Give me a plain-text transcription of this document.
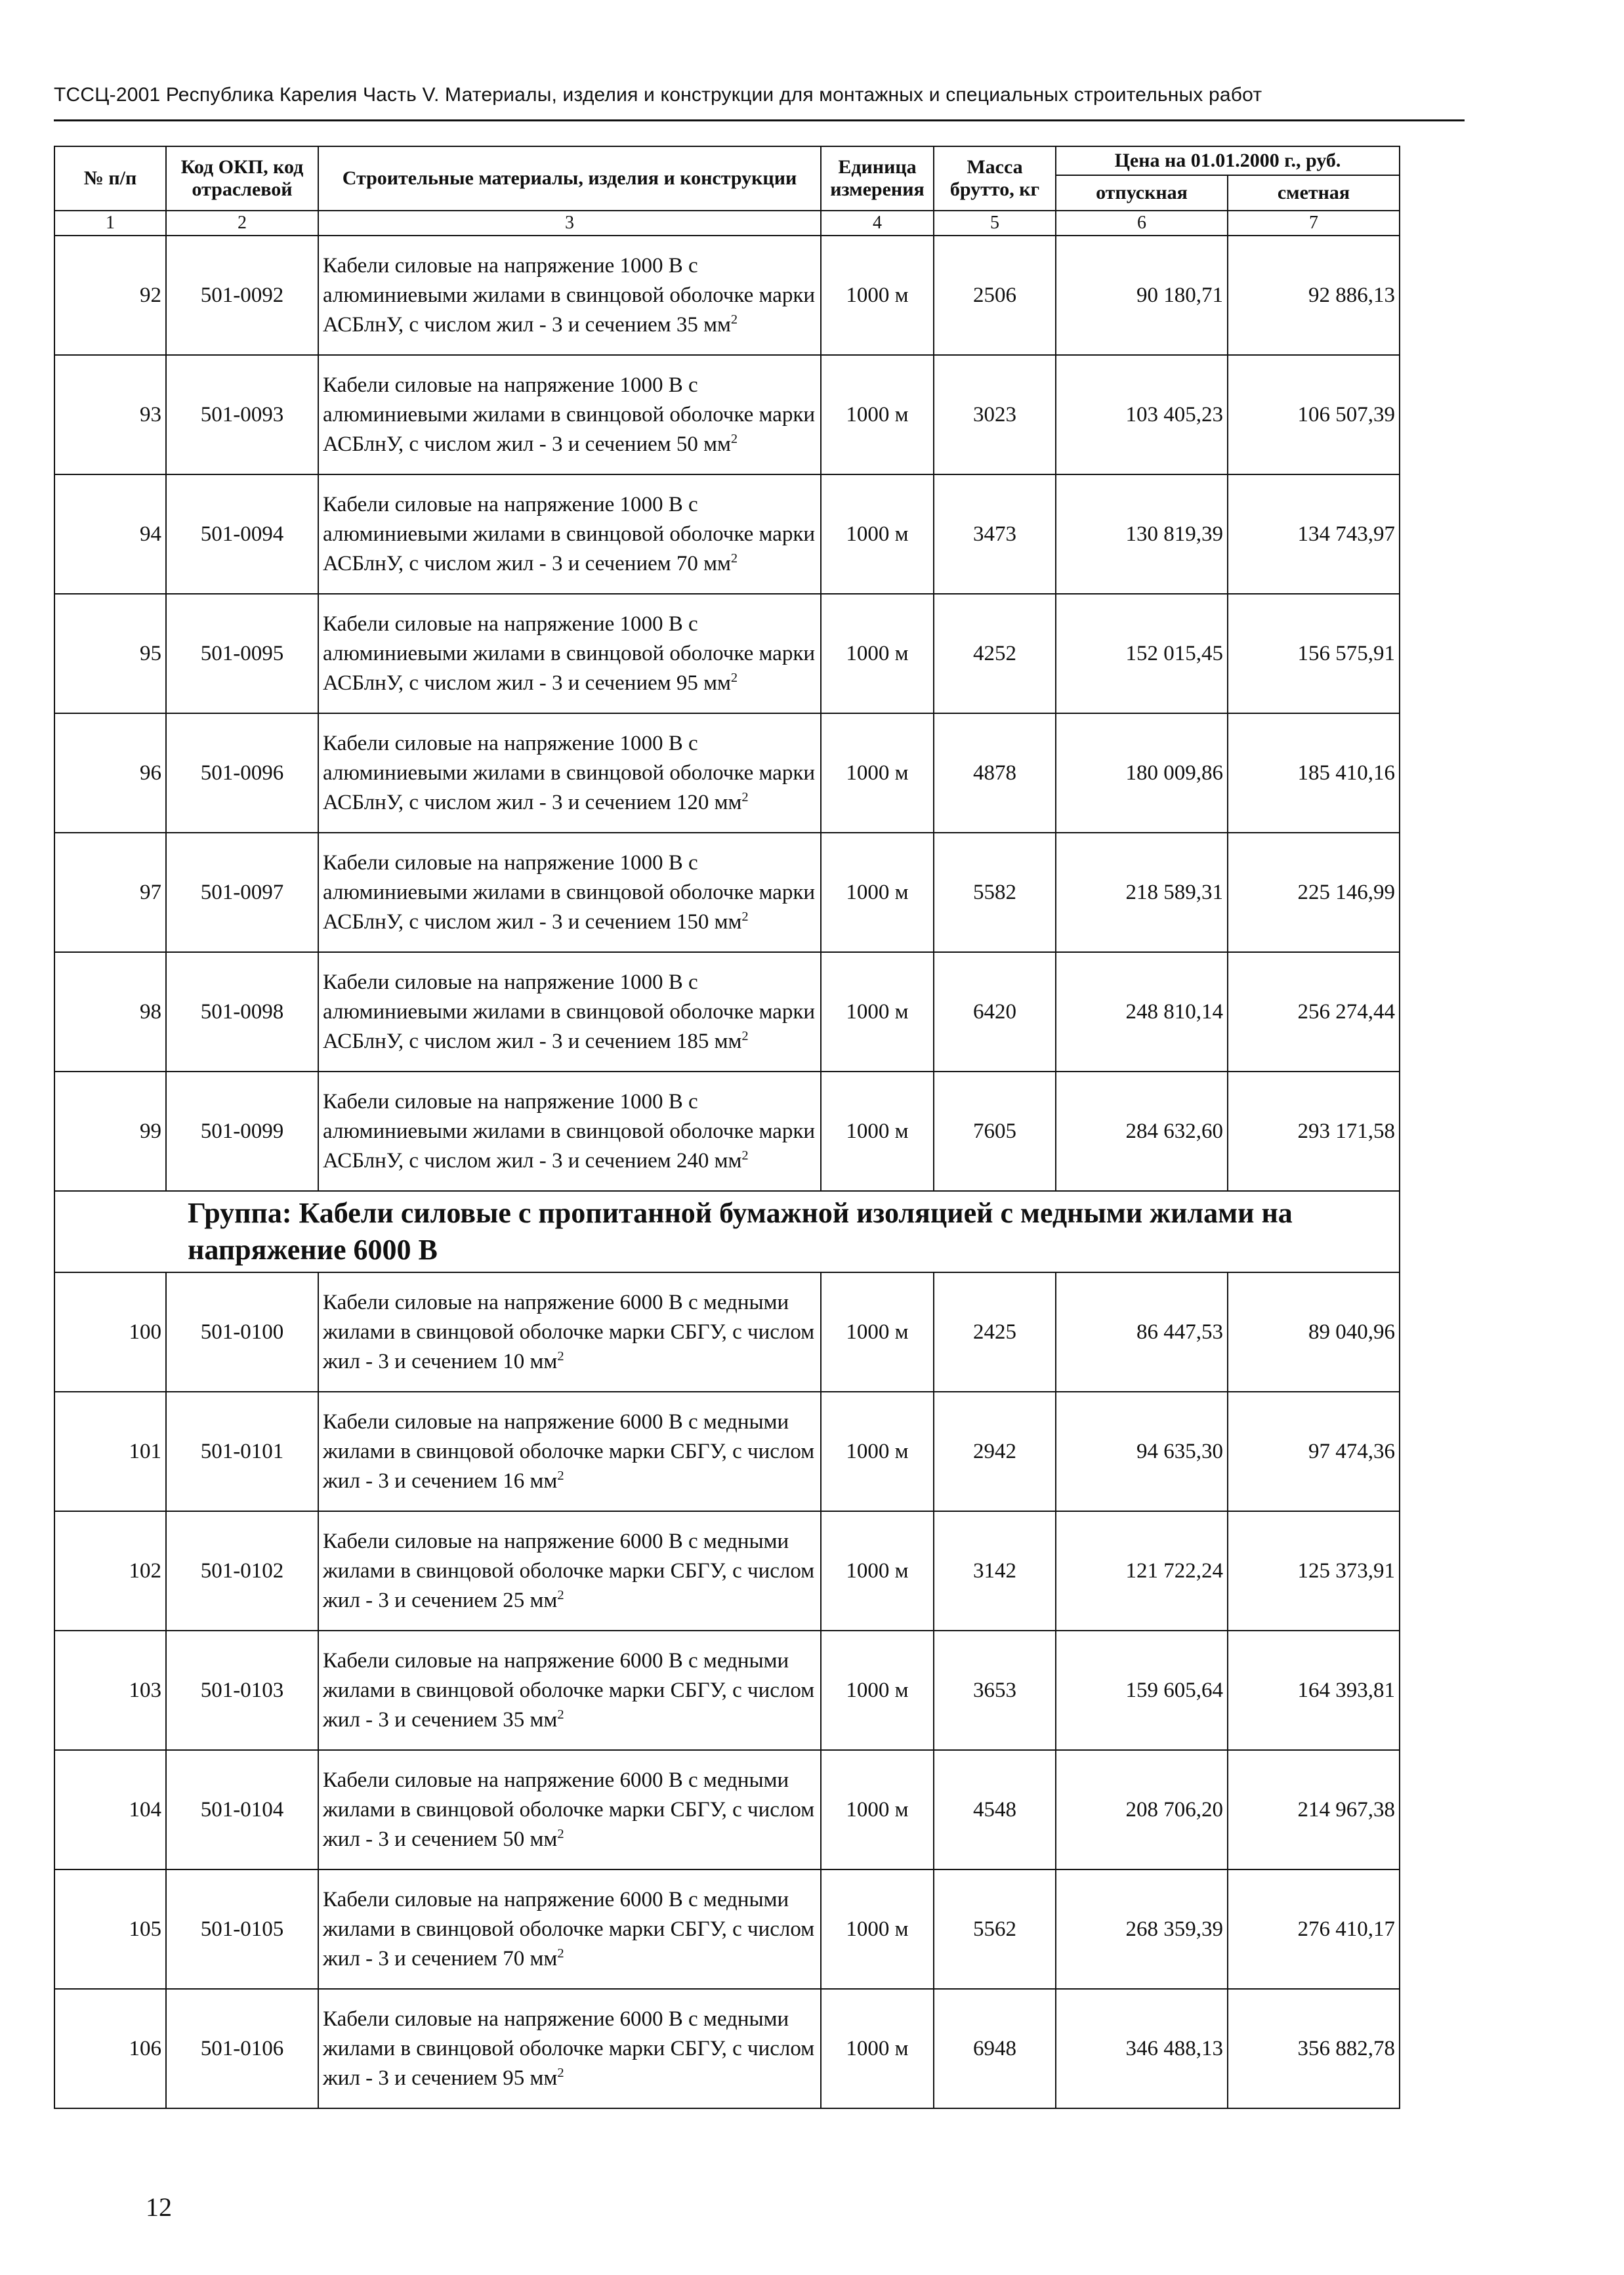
ТССЦ-2001 Республика Карелия Часть V. Материалы, изделия и конструкции для монтажных и специальных строительных работ
№ п/п	Код ОКП, код отраслевой	Строительные материалы, изделия и конструкции	Единица измерения	Масса брутто, кг	Цена на 01.01.2000 г., руб.	
					отпускная	сметная
1	2	3	4	5	6	7
92	501-0092	Кабели силовые на напряжение 1000 В с алюминиевыми жилами в свинцовой оболочке марки АСБлнУ, с числом жил - 3 и сечением 35 $мм^2$	1000 м	2506	90 180,71	92 886,13
93	501-0093	Кабели силовые на напряжение 1000 В с алюминиевыми жилами в свинцовой оболочке марки АСБлнУ, с числом жил - 3 и сечением 50 $мм^2$	1000 м	3023	103 405,23	106 507,39
94	501-0094	Кабели силовые на напряжение 1000 В с алюминиевыми жилами в свинцовой оболочке марки АСБлнУ, с числом жил - 3 и сечением 70 $мм^2$	1000 м	3473	130 819,39	134 743,97
95	501-0095	Кабели силовые на напряжение 1000 В с алюминиевыми жилами в свинцовой оболочке марки АСБлнУ, с числом жил - 3 и сечением 95 $мм^2$	1000 м	4252	152 015,45	156 575,91
96	501-0096	Кабели силовые на напряжение 1000 В с алюминиевыми жилами в свинцовой оболочке марки АСБлнУ, с числом жил - 3 и сечением 120 $мм^2$	1000 м	4878	180 009,86	185 410,16
97	501-0097	Кабели силовые на напряжение 1000 В с алюминиевыми жилами в свинцовой оболочке марки АСБлнУ, с числом жил - 3 и сечением 150 $мм^2$	1000 м	5582	218 589,31	225 146,99
98	501-0098	Кабели силовые на напряжение 1000 В с алюминиевыми жилами в свинцовой оболочке марки АСБлнУ, с числом жил - 3 и сечением 185 $мм^2$	1000 м	6420	248 810,14	256 274,44
99	501-0099	Кабели силовые на напряжение 1000 В с алюминиевыми жилами в свинцовой оболочке марки АСБлнУ, с числом жил - 3 и сечением 240 $мм^2$	1000 м	7605	284 632,60	293 171,58

Группа: Кабели силовые с пропитанной бумажной изоляцией с медными жилами на напряжение 6000 В						

100	501-0100	Кабели силовые на напряжение 6000 В с медными жилами в свинцовой оболочке марки СБГУ, с числом жил - 3 и сечением 10 $мм^2$	1000 м	2425	86 447,53	89 040,96
101	501-0101	Кабели силовые на напряжение 6000 В с медными жилами в свинцовой оболочке марки СБГУ, с числом жил - 3 и сечением 16 $мм^2$	1000 м	2942	94 635,30	97 474,36
102	501-0102	Кабели силовые на напряжение 6000 В с медными жилами в свинцовой оболочке марки СБГУ, с числом жил - 3 и сечением 25 $мм^2$	1000 м	3142	121 722,24	125 373,91
103	501-0103	Кабели силовые на напряжение 6000 В с медными жилами в свинцовой оболочке марки СБГУ, с числом жил - 3 и сечением 35 $мм^2$	1000 м	3653	159 605,64	164 393,81
104	501-0104	Кабели силовые на напряжение 6000 В с медными жилами в свинцовой оболочке марки СБГУ, с числом жил - 3 и сечением 50 $мм^2$	1000 м	4548	208 706,20	214 967,38
105	501-0105	Кабели силовые на напряжение 6000 В с медными жилами в свинцовой оболочке марки СБГУ, с числом жил - 3 и сечением 70 $мм^2$	1000 м	5562	268 359,39	276 410,17
106	501-0106	Кабели силовые на напряжение 6000 В с медными жилами в свинцовой оболочке марки СБГУ, с числом жил - 3 и сечением 95 $мм^2$	1000 м	6948	346 488,13	356 882,78
12
